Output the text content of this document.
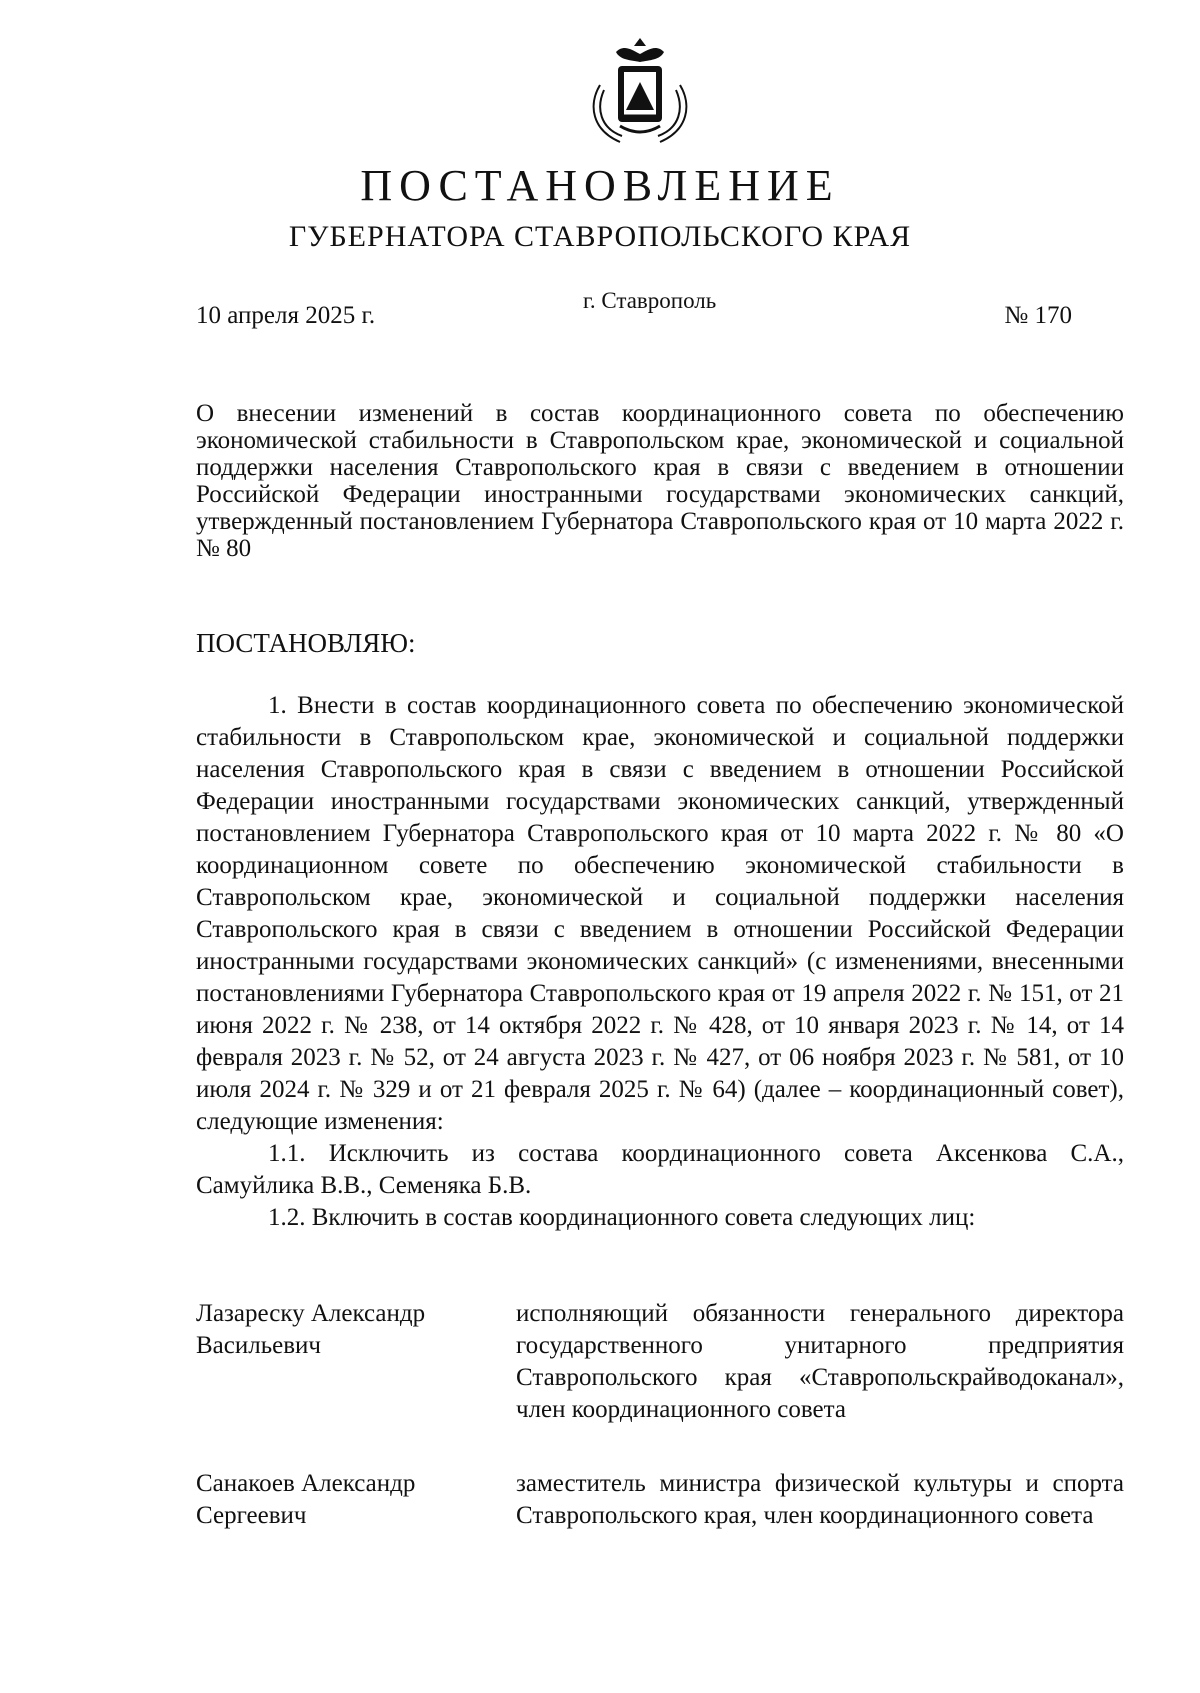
ПОСТАНОВЛЕНИЕ
ГУБЕРНАТОРА СТАВРОПОЛЬСКОГО КРАЯ
10 апреля 2025 г.
г. Ставрополь
№ 170
О внесении изменений в состав координационного совета по обеспечению экономической стабильности в Ставропольском крае, экономической и социальной поддержки населения Ставропольского края в связи с введением в отношении Российской Федерации иностранными государствами экономических санкций, утвержденный постановлением Губернатора Ставропольского края от 10 марта 2022 г. № 80
ПОСТАНОВЛЯЮ:

1. Внести в состав координационного совета по обеспечению экономической стабильности в Ставропольском крае, экономической и социальной поддержки населения Ставропольского края в связи с введением в отношении Российской Федерации иностранными государствами экономических санкций, утвержденный постановлением Губернатора Ставропольского края от 10 марта 2022 г. № 80 «О координационном совете по обеспечению экономической стабильности в Ставропольском крае, экономической и социальной поддержки населения Ставропольского края в связи с введением в отношении Российской Федерации иностранными государствами экономических санкций» (с изменениями, внесенными постановлениями Губернатора Ставропольского края от 19 апреля 2022 г. № 151, от 21 июня 2022 г. № 238, от 14 октября 2022 г. № 428, от 10 января 2023 г. № 14, от 14 февраля 2023 г. № 52, от 24 августа 2023 г. № 427, от 06 ноября 2023 г. № 581, от 10 июля 2024 г. № 329 и от 21 февраля 2025 г. № 64) (далее – координационный совет), следующие изменения:

1.1. Исключить из состава координационного совета Аксенкова С.А., Самуйлика В.В., Семеняка Б.В.

1.2. Включить в состав координационного совета следующих лиц:

Лазареску Александр
Васильевич
исполняющий обязанности генерального директора государственного унитарного предприятия Ставропольского края «Ставропольcкрайводоканал», член координационного совета
Санакоев Александр
Сергеевич
заместитель министра физической культуры и спорта Ставропольского края, член координационного совета
